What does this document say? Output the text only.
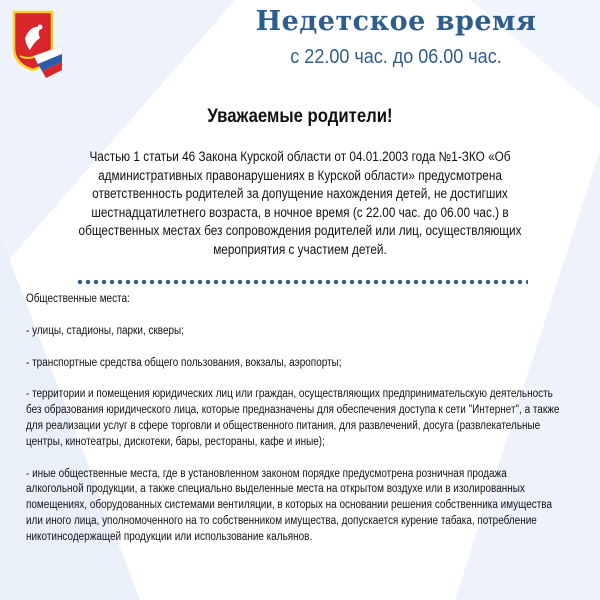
Недетское время
с 22.00 час. до 06.00 час.
Уважаемые родители!

Частью 1 статьи 46 Закона Курской области от 04.01.2003 года №1-ЗКО «Об административных правонарушениях в Курской области» предусмотрена ответственность родителей за допущение нахождения детей, не достигших шестнадцатилетнего возраста, в ночное время (с 22.00 час. до 06.00 час.) в общественных местах без сопровождения родителей или лиц, осуществляющих мероприятия с участием детей.

Общественные места:

- улицы, стадионы, парки, скверы;

- транспортные средства общего пользования, вокзалы, аэропорты;

- территории и помещения юридических лиц или граждан, осуществляющих предпринимательскую деятельность без образования юридического лица, которые предназначены для обеспечения доступа к сети "Интернет", а также для реализации услуг в сфере торговли и общественного питания, для развлечений, досуга (развлекательные центры, кинотеатры, дискотеки, бары, рестораны, кафе и иные);

- иные общественные места, где в установленном законом порядке предусмотрена розничная продажа алкогольной продукции, а также специально выделенные места на открытом воздухе или в изолированных помещениях, оборудованных системами вентиляции, в которых на основании решения собственника имущества или иного лица, уполномоченного на то собственником имущества, допускается курение табака, потребление никотинсодержащей продукции или использование кальянов.
